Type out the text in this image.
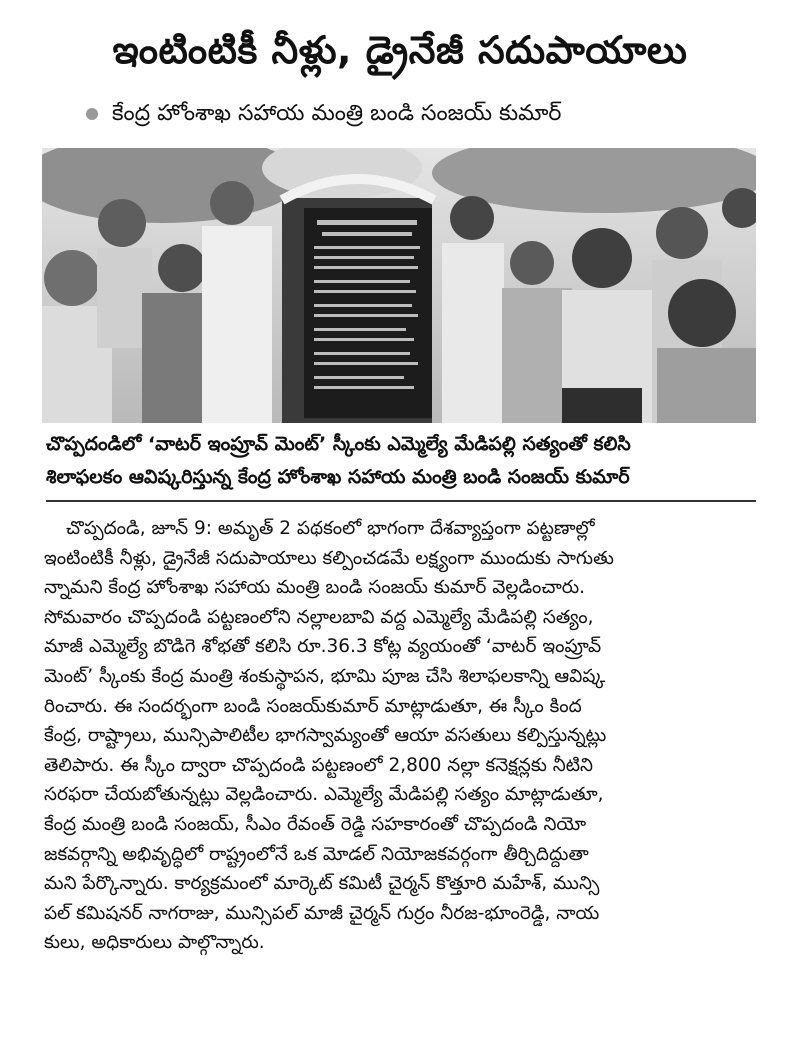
ఇంటింటికీ నీళ్లు, డ్రైనేజీ సదుపాయాలు
కేంద్ర హోంశాఖ సహాయ మంత్రి బండి సంజయ్ కుమార్
చొప్పదండిలో ‘వాటర్ ఇంప్రూవ్ మెంట్’ స్కీంకు ఎమ్మెల్యే మేడిపల్లి సత్యంతో కలిసి
శిలాఫలకం ఆవిష్కరిస్తున్న కేంద్ర హోంశాఖ సహాయ మంత్రి బండి సంజయ్ కుమార్
చొప్పదండి, జూన్ 9: అమృత్ 2 పథకంలో భాగంగా దేశవ్యాప్తంగా పట్టణాల్లో
ఇంటింటికీ నీళ్లు, డ్రైనేజీ సదుపాయాలు కల్పించడమే లక్ష్యంగా ముందుకు సాగుతు
న్నామని కేంద్ర హోంశాఖ సహాయ మంత్రి బండి సంజయ్ కుమార్ వెల్లడించారు.
సోమవారం చొప్పదండి పట్టణంలోని నల్లాలబావి వద్ద ఎమ్మెల్యే మేడిపల్లి సత్యం,
మాజీ ఎమ్మెల్యే బొడిగె శోభతో కలిసి రూ.36.3 కోట్ల వ్యయంతో ‘వాటర్ ఇంప్రూవ్
మెంట్’ స్కీంకు కేంద్ర మంత్రి శంకుస్థాపన, భూమి పూజ చేసి శిలాఫలకాన్ని ఆవిష్క
రించారు. ఈ సందర్భంగా బండి సంజయ్‌కుమార్ మాట్లాడుతూ, ఈ స్కీం కింద
కేంద్ర, రాష్ట్రాలు, మున్సిపాలిటీల భాగస్వామ్యంతో ఆయా వసతులు కల్పిస్తున్నట్లు
తెలిపారు. ఈ స్కీం ద్వారా చొప్పదండి పట్టణంలో 2,800 నల్లా కనెక్షన్లకు నీటిని
సరఫరా చేయబోతున్నట్లు వెల్లడించారు. ఎమ్మెల్యే మేడిపల్లి సత్యం మాట్లాడుతూ,
కేంద్ర మంత్రి బండి సంజయ్, సీఎం రేవంత్ రెడ్డి సహకారంతో చొప్పదండి నియో
జకవర్గాన్ని అభివృద్ధిలో రాష్ట్రంలోనే ఒక మోడల్ నియోజకవర్గంగా తీర్చిదిద్దుతా
మని పేర్కొన్నారు. కార్యక్రమంలో మార్కెట్ కమిటీ చైర్మన్ కొత్తూరి మహేశ్, మున్సి
పల్ కమిషనర్ నాగరాజు, మున్సిపల్ మాజీ చైర్మన్ గుర్రం నీరజ-భూంరెడ్డి, నాయ
కులు, అధికారులు పాల్గొన్నారు.
